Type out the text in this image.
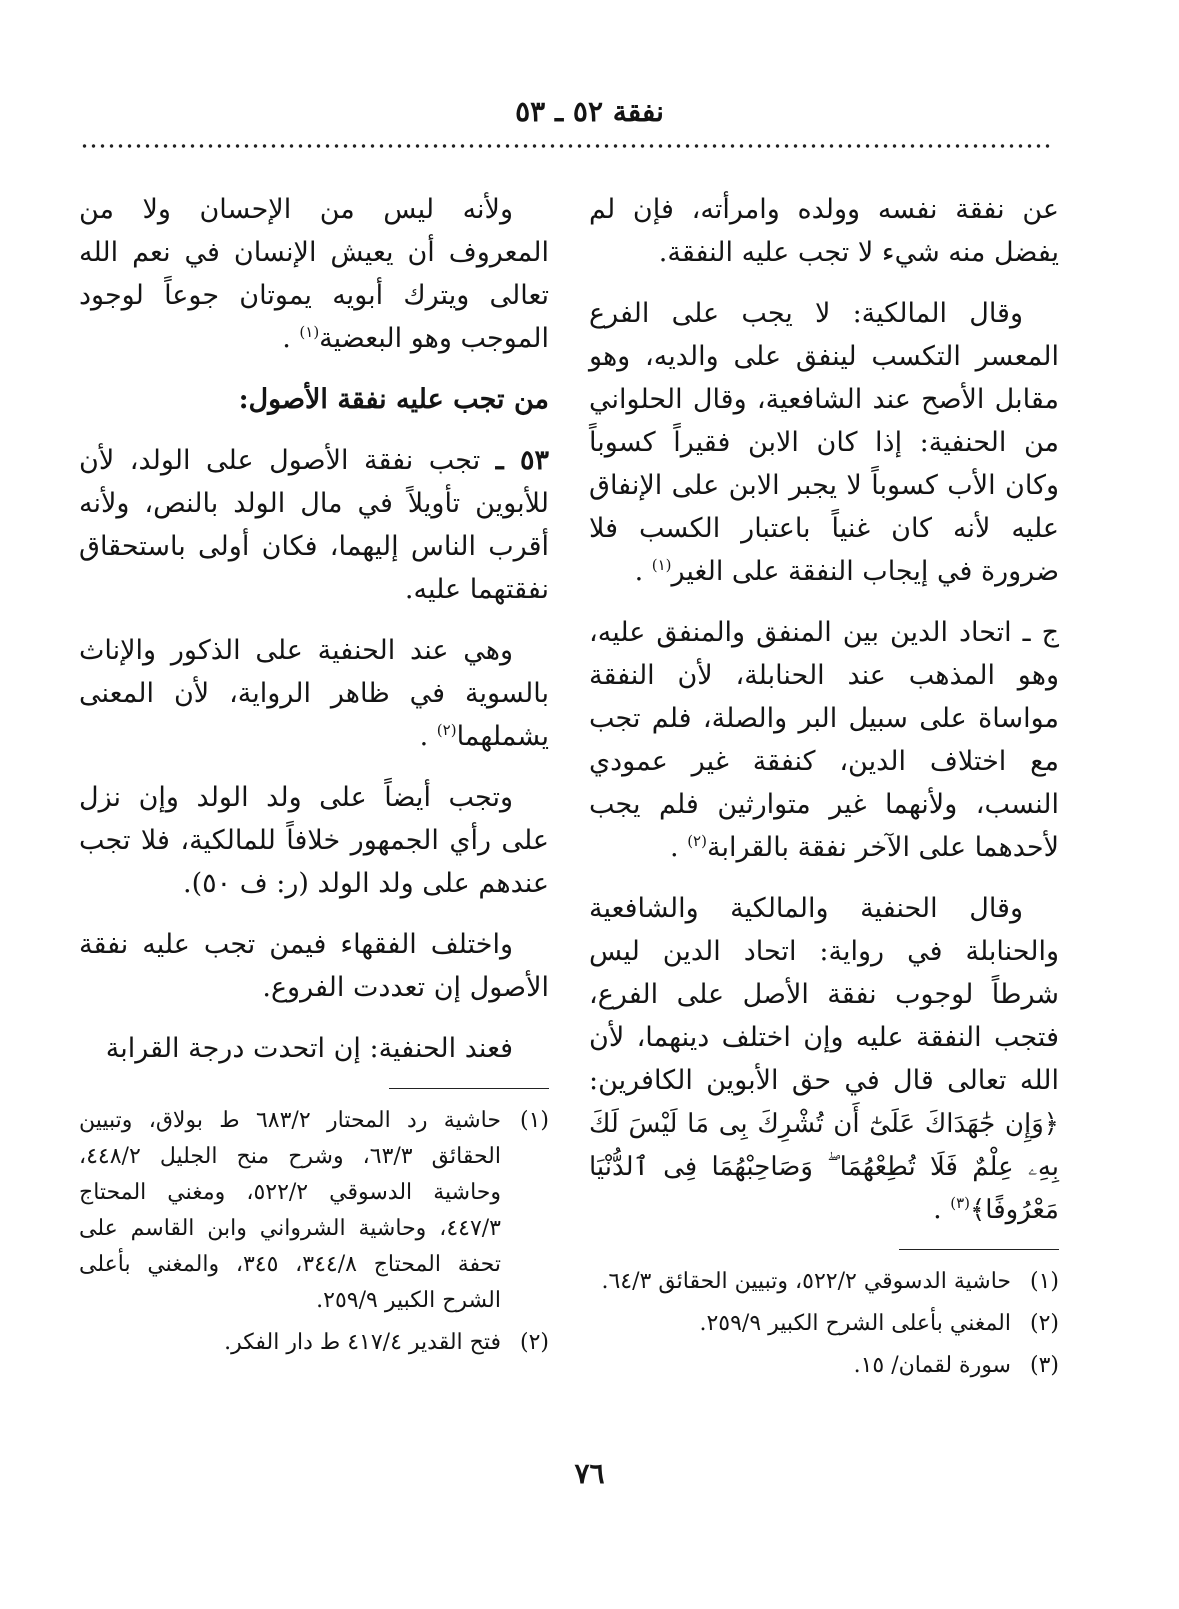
نفقة ٥٢ ـ ٥٣

عن نفقة نفسه وولده وامرأته، فإن لم يفضل منه شيء لا تجب عليه النفقة.

وقال المالكية: لا يجب على الفرع المعسر التكسب لينفق على والديه، وهو مقابل الأصح عند الشافعية، وقال الحلواني من الحنفية: إذا كان الابن فقيراً كسوباً وكان الأب كسوباً لا يجبر الابن على الإنفاق عليه لأنه كان غنياً باعتبار الكسب فلا ضرورة في إيجاب النفقة على الغير$^{(١)}$ .

ج ـ اتحاد الدين بين المنفق والمنفق عليه، وهو المذهب عند الحنابلة، لأن النفقة مواساة على سبيل البر والصلة، فلم تجب مع اختلاف الدين، كنفقة غير عمودي النسب، ولأنهما غير متوارثين فلم يجب لأحدهما على الآخر نفقة بالقرابة$^{(٢)}$ .

وقال الحنفية والمالكية والشافعية والحنابلة في رواية: اتحاد الدين ليس شرطاً لوجوب نفقة الأصل على الفرع، فتجب النفقة عليه وإن اختلف دينهما، لأن الله تعالى قال في حق الأبوين الكافرين: ﴿وَإِن جَٰهَدَاكَ عَلَىٰٓ أَن تُشْرِكَ بِى مَا لَيْسَ لَكَ بِهِۦ عِلْمٌ فَلَا تُطِعْهُمَا ۖ وَصَاحِبْهُمَا فِى ٱلدُّنْيَا مَعْرُوفًا﴾$^{(٣)}$ .

(١)
حاشية الدسوقي ٥٢٢/٢، وتبيين الحقائق ٦٤/٣.
(٢)
المغني بأعلى الشرح الكبير ٢٥٩/٩.
(٣)
سورة لقمان/ ١٥.

ولأنه ليس من الإحسان ولا من المعروف أن يعيش الإنسان في نعم الله تعالى ويترك أبويه يموتان جوعاً لوجود الموجب وهو البعضية$^{(١)}$ .

من تجب عليه نفقة الأصول:

٥٣ ـ تجب نفقة الأصول على الولد، لأن للأبوين تأويلاً في مال الولد بالنص، ولأنه أقرب الناس إليهما، فكان أولى باستحقاق نفقتهما عليه.

وهي عند الحنفية على الذكور والإناث بالسوية في ظاهر الرواية، لأن المعنى يشملهما$^{(٢)}$ .

وتجب أيضاً على ولد الولد وإن نزل على رأي الجمهور خلافاً للمالكية، فلا تجب عندهم على ولد الولد (ر: ف ٥٠).

واختلف الفقهاء فيمن تجب عليه نفقة الأصول إن تعددت الفروع.

فعند الحنفية: إن اتحدت درجة القرابة

(١)
حاشية رد المحتار ٦٨٣/٢ ط بولاق، وتبيين الحقائق ٦٣/٣، وشرح منح الجليل ٤٤٨/٢، وحاشية الدسوقي ٥٢٢/٢، ومغني المحتاج ٤٤٧/٣، وحاشية الشرواني وابن القاسم على تحفة المحتاج ٣٤٤/٨، ٣٤٥، والمغني بأعلى الشرح الكبير ٢٥٩/٩.
(٢)
فتح القدير ٤١٧/٤ ط دار الفكر.
٧٦
